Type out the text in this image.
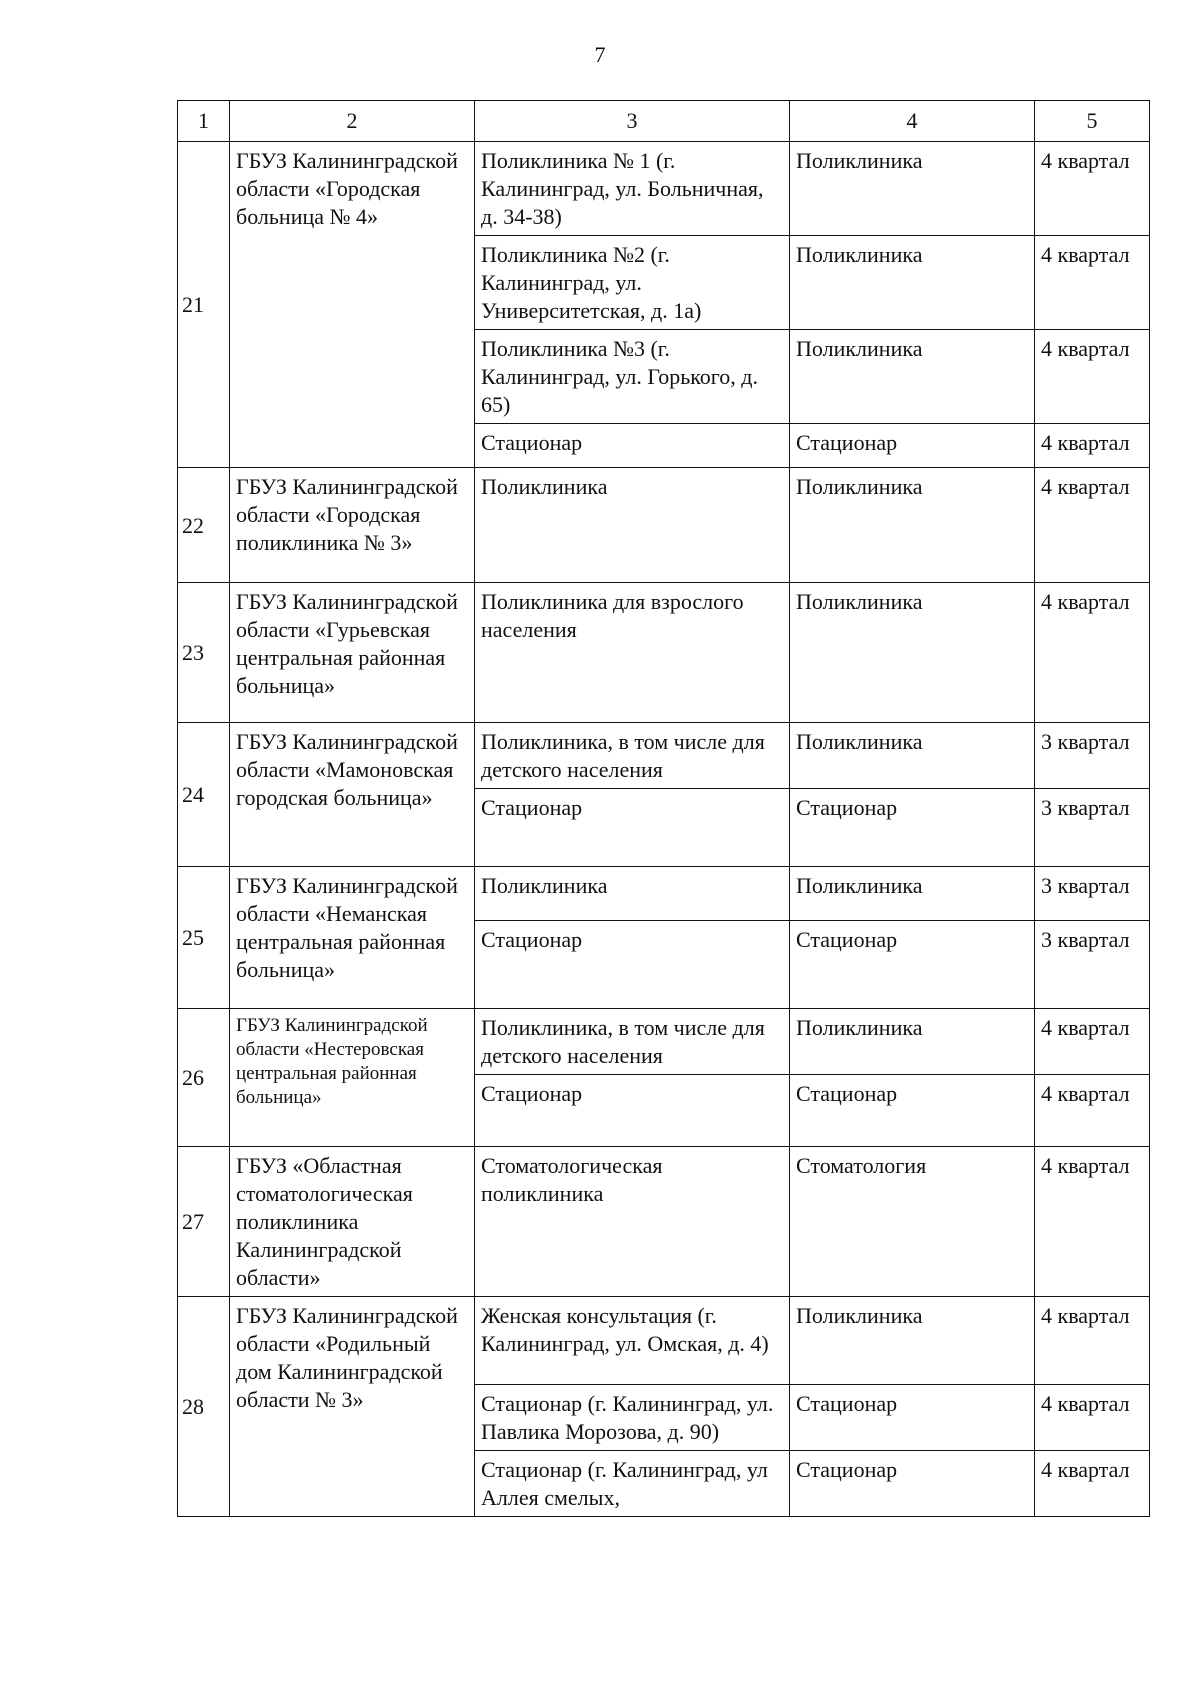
7
1	2	3	4	5
21	ГБУЗ Калининградской области «Городская больница № 4»	Поликлиника № 1 (г. Калининград, ул. Больничная, д. 34-38)	Поликлиника	4 квартал
		Поликлиника №2 (г. Калининград, ул. Университетская, д. 1а)	Поликлиника	4 квартал
		Поликлиника №3 (г. Калининград, ул. Горького, д. 65)	Поликлиника	4 квартал
		Стационар	Стационар	4 квартал
22	ГБУЗ Калининградской области «Городская поликлиника № 3»	Поликлиника	Поликлиника	4 квартал
23	ГБУЗ Калининградской области «Гурьевская центральная районная больница»	Поликлиника для взрослого населения	Поликлиника	4 квартал
24	ГБУЗ Калининградской области «Мамоновская городская больница»	Поликлиника, в том числе для детского населения	Поликлиника	3 квартал
		Стационар	Стационар	3 квартал
25	ГБУЗ Калининградской области «Неманская центральная районная больница»	Поликлиника	Поликлиника	3 квартал
		Стационар	Стационар	3 квартал
26	ГБУЗ Калининградской области «Нестеровская центральная районная больница»	Поликлиника, в том числе для детского населения	Поликлиника	4 квартал
		Стационар	Стационар	4 квартал
27	ГБУЗ «Областная стоматологическая поликлиника Калининградской области»	Стоматологическая поликлиника	Стоматология	4 квартал
28	ГБУЗ Калининградской области «Родильный дом Калининградской области № 3»	Женская консультация (г. Калининград, ул. Омская, д. 4)	Поликлиника	4 квартал
		Стационар (г. Калининград, ул. Павлика Морозова, д. 90)	Стационар	4 квартал
		Стационар (г. Калининград, ул Аллея смелых,	Стационар	4 квартал
